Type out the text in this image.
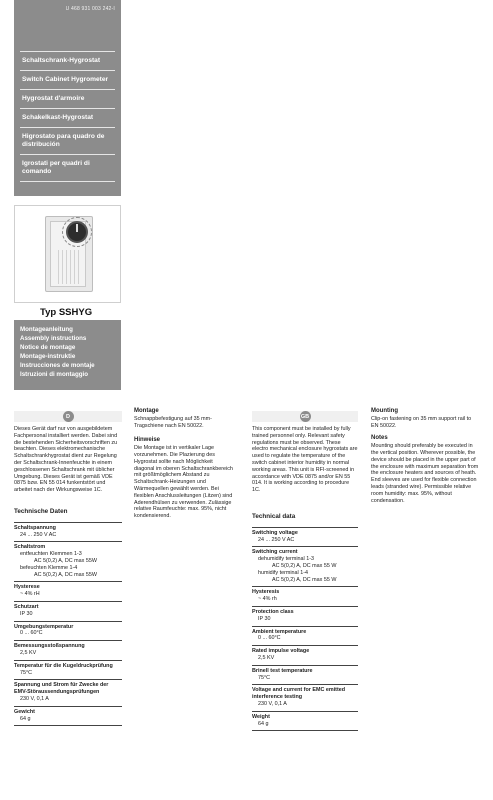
U 468 931 003 242-I
Schaltschrank-Hygrostat
Switch Cabinet Hygrometer
Hygrostat d'armoire
Schakelkast-Hygrostat
Higrostato para quadro de distribución
Igrostati per quadri di comando
Typ SSHYG
Montageanleitung
Assembly instructions
Notice de montage
Montage-instruktie
Instrucciones de montaje
Istruzioni di montaggio
D
Dieses Gerät darf nur von ausgebildetem Fachpersonal installiert werden. Dabei sind die bestehenden Sicherheitsvorschriften zu beachten. Dieses elektromechanische Schaltschrankhygrostat dient zur Regelung der Schaltschrank-Innenfeuchte in einem geschlossenen Schaltschrank mit üblicher Umgebung. Dieses Gerät ist gemäß VDE 0875 bzw. EN 55 014 funkentstört und arbeitet nach der Wirkungsweise 1C.
Technische Daten
Schaltspannung
24 ... 250 V AC
Schaltstrom
entfeuchten Klemmen 1-3
AC 5(0,2) A, DC max 55W
befeuchten Klemme 1-4
AC 5(0,2) A, DC max 55W
Hysterese
~ 4% rH
Schutzart
IP 30
Umgebungstemperatur
0 ... 60°C
Bemessungsstoßspannung
2,5 KV
Temperatur für die Kugeldruckprüfung
75°C
Spannung und Strom für Zwecke der EMV-Störaussendungsprüfungen
230 V, 0,1 A
Gewicht
64 g
Montage
Schnappbefestigung auf 35 mm-Tragschiene nach EN 50022.
Hinweise
Die Montage ist in vertikaler Lage vorzunehmen. Die Plazierung des Hygrostat sollte nach Möglichkeit diagonal im oberen Schaltschrankbereich mit größtmöglichem Abstand zu Schaltschrank-Heizungen und Wärmequellen gewählt werden. Bei flexiblen Anschlussleitungen (Litzen) sind Aderendhülsen zu verwenden. Zulässige relative Raumfeuchte: max. 95%, nicht kondensierend.
GB
This component must be installed by fully trained personnel only. Relevant safety regulations must be observed. These electro mechanical enclosure hygrostats are used to regulate the temperature of the switch cabinet interior humidity in normal working areas. This unit is RFI-screened in accordance with VDE 0875 and/or EN 55 014. It is working according to procedure 1C.
Technical data
Switching voltage
24 ... 250 V AC
Switching current
dehumidify terminal 1-3
AC 5(0,2) A, DC max 55 W
humidify terminal 1-4
AC 5(0,2) A, DC max 55 W
Hysteresis
~ 4% rh
Protection class
IP 30
Ambient temperature
0 ... 60°C
Rated impulse voltage
2,5 KV
Brinell test temperature
75°C
Voltage and current for EMC emitted interference testing
230 V, 0,1 A
Weight
64 g
Mounting
Clip-on fastening on 35 mm support rail to EN 50022.
Notes
Mounting should preferably be executed in the vertical position. Wherever possible, the device should be placed in the upper part of the enclosure with maximum separation from the enclosure heaters and sources of heath. End sleeves are used for flexible connection leads (stranded wire). Permissible relative room humidity: max. 95%, without condensation.
